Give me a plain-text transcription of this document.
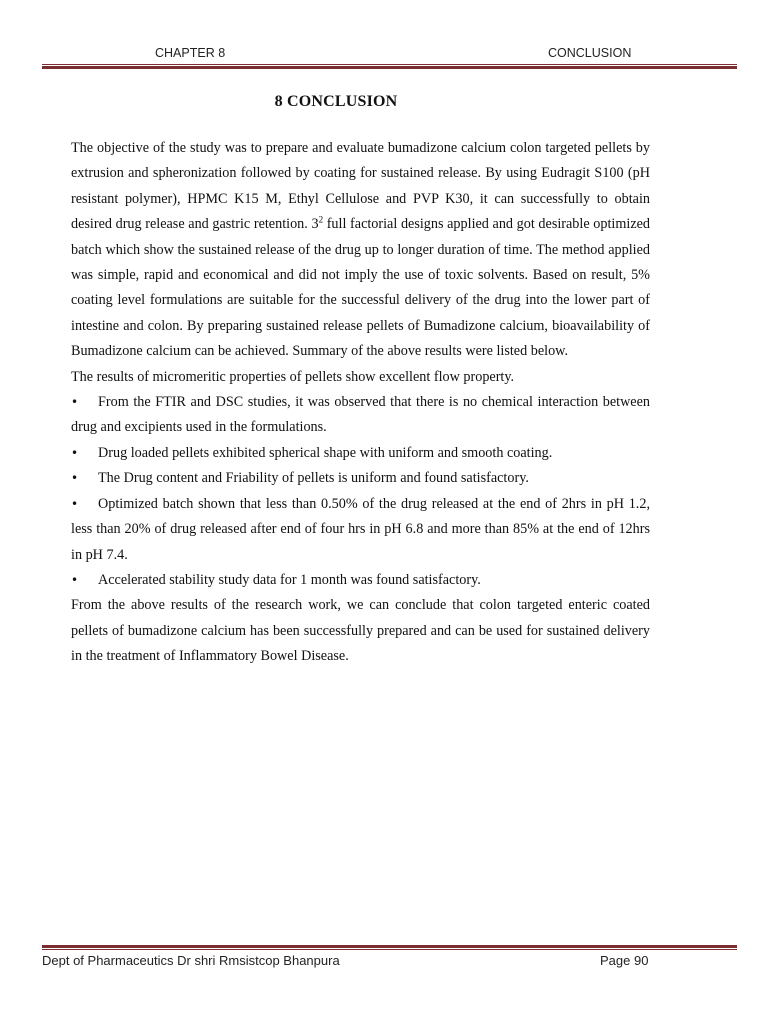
CHAPTER 8	CONCLUSION
8 CONCLUSION

The objective of the study was to prepare and evaluate bumadizone calcium colon targeted pellets by extrusion and spheronization followed by coating for sustained release. By using Eudragit S100 (pH resistant polymer), HPMC K15 M, Ethyl Cellulose and PVP K30, it can successfully to obtain desired drug release and gastric retention. $3^2$ full factorial designs applied and got desirable optimized batch which show the sustained release of the drug up to longer duration of time. The method applied was simple, rapid and economical and did not imply the use of toxic solvents. Based on result, 5% coating level formulations are suitable for the successful delivery of the drug into the lower part of intestine and colon. By preparing sustained release pellets of Bumadizone calcium, bioavailability of Bumadizone calcium can be achieved. Summary of the above results were listed below.

The results of micromeritic properties of pellets show excellent flow property.

• From the FTIR and DSC studies, it was observed that there is no chemical interaction between drug and excipients used in the formulations.
•	Drug loaded pellets exhibited spherical shape with uniform and smooth coating.
•	The Drug content and Friability of pellets is uniform and found satisfactory.
• Optimized batch shown that less than 0.50% of the drug released at the end of 2hrs in pH 1.2, less than 20% of drug released after end of four hrs in pH 6.8 and more than 85% at the end of 12hrs in pH 7.4.
•	Accelerated stability study data for 1 month was found satisfactory.

From the above results of the research work, we can conclude that colon targeted enteric coated pellets of bumadizone calcium has been successfully prepared and can be used for sustained delivery in the treatment of Inflammatory Bowel Disease.

Dept of Pharmaceutics Dr shri Rmsistcop Bhanpura	Page 90
